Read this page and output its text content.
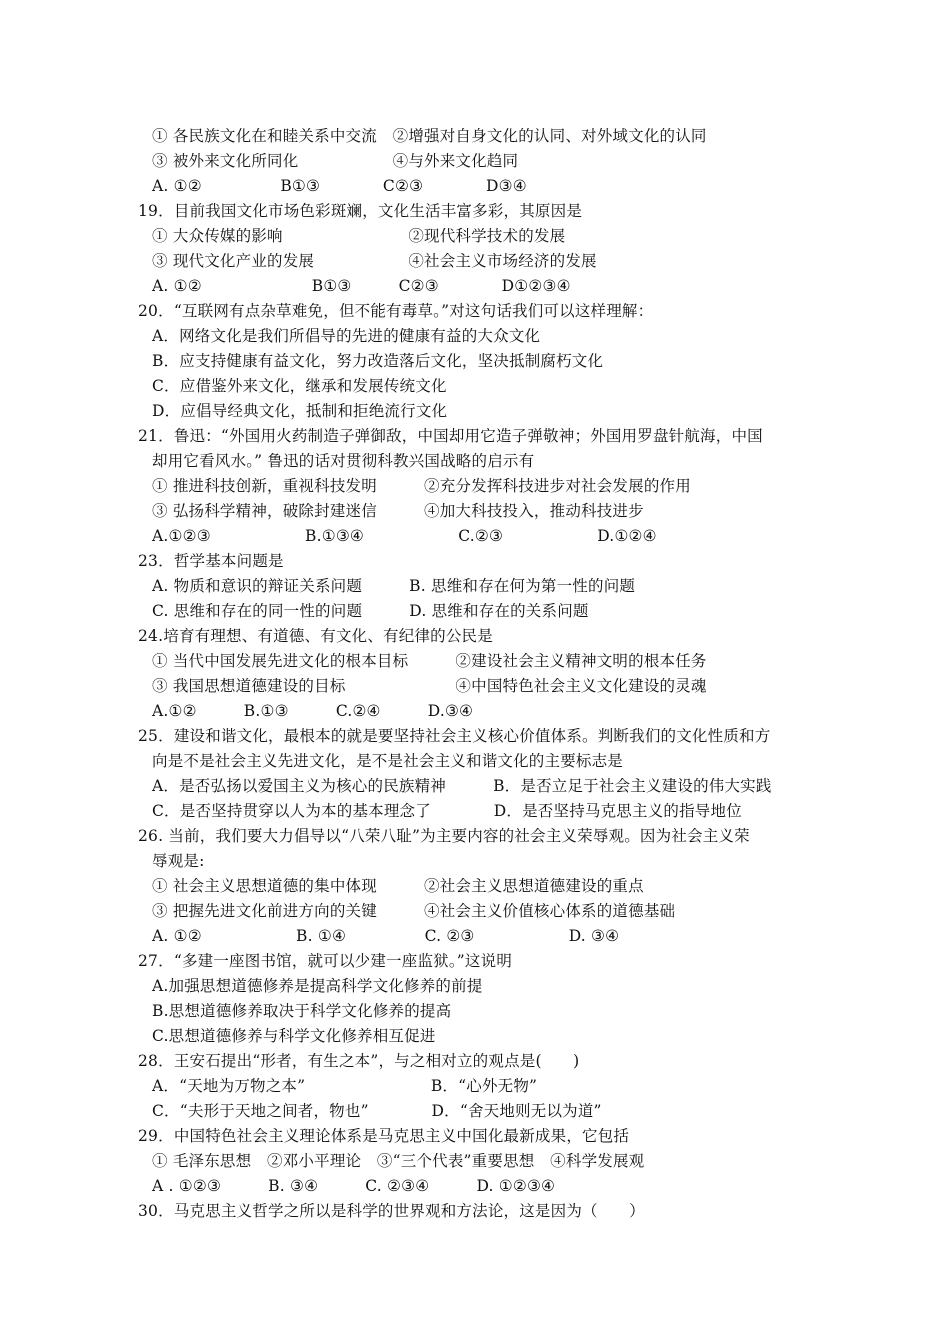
① 各民族文化在和睦关系中交流　②增强对自身文化的认同、对外域文化的认同
③ 被外来文化所同化　　　　　　④与外来文化趋同
A. ①②　　　　　B①③　　　　C②③　　　　D③④
19．目前我国文化市场色彩斑斓，文化生活丰富多彩，其原因是
① 大众传媒的影响　　　　　　　　②现代科学技术的发展
③ 现代文化产业的发展　　　　　　④社会主义市场经济的发展
A. ①②　　　　　　　B①③　　　C②③　　　　D①②③④
20．“互联网有点杂草难免，但不能有毒草。”对这句话我们可以这样理解：
A．网络文化是我们所倡导的先进的健康有益的大众文化
B．应支持健康有益文化，努力改造落后文化，坚决抵制腐朽文化
C．应借鉴外来文化，继承和发展传统文化
D．应倡导经典文化，抵制和拒绝流行文化
21．鲁迅：“外国用火药制造子弹御敌，中国却用它造子弹敬神；外国用罗盘针航海，中国
却用它看风水。” 鲁迅的话对贯彻科教兴国战略的启示有
① 推进科技创新，重视科技发明　　　②充分发挥科技进步对社会发展的作用
③ 弘扬科学精神，破除封建迷信　　　④加大科技投入，推动科技进步
A.①②③　　　　　　B.①③④　　　　　　C.②③　　　　　　D.①②④
23．哲学基本问题是
A. 物质和意识的辩证关系问题　　　B. 思维和存在何为第一性的问题
C. 思维和存在的同一性的问题　　　D. 思维和存在的关系问题
24.培育有理想、有道德、有文化、有纪律的公民是
① 当代中国发展先进文化的根本目标　　　②建设社会主义精神文明的根本任务
③ 我国思想道德建设的目标　　　　　　　④中国特色社会主义文化建设的灵魂
A.①②　　　B.①③　　　C.②④　　　D.③④
25．建设和谐文化，最根本的就是要坚持社会主义核心价值体系。判断我们的文化性质和方
向是不是社会主义先进文化，是不是社会主义和谐文化的主要标志是
A．是否弘扬以爱国主义为核心的民族精神　　　B．是否立足于社会主义建设的伟大实践
C．是否坚持贯穿以人为本的基本理念了　　　　D．是否坚持马克思主义的指导地位
26. 当前，我们要大力倡导以“八荣八耻”为主要内容的社会主义荣辱观。因为社会主义荣
辱观是:
① 社会主义思想道德的集中体现　　　②社会主义思想道德建设的重点
③ 把握先进文化前进方向的关键　　　④社会主义价值核心体系的道德基础
A. ①②　　　　　　B. ①④　　　　　C. ②③　　　　　　D. ③④
27．“多建一座图书馆，就可以少建一座监狱。”这说明
A.加强思想道德修养是提高科学文化修养的前提
B.思想道德修养取决于科学文化修养的提高
C.思想道德修养与科学文化修养相互促进
28．王安石提出“形者，有生之本”，与之相对立的观点是(　　)
A．“天地为万物之本”　　　　　　　　B．“心外无物”
C．“夫形于天地之间者，物也”　　　　D．“舍天地则无以为道”
29．中国特色社会主义理论体系是马克思主义中国化最新成果，它包括
① 毛泽东思想　②邓小平理论　③“三个代表”重要思想　④科学发展观
A . ①②③　　　B. ③④　　　C. ②③④　　　D. ①②③④
30．马克思主义哲学之所以是科学的世界观和方法论，这是因为（　　）
